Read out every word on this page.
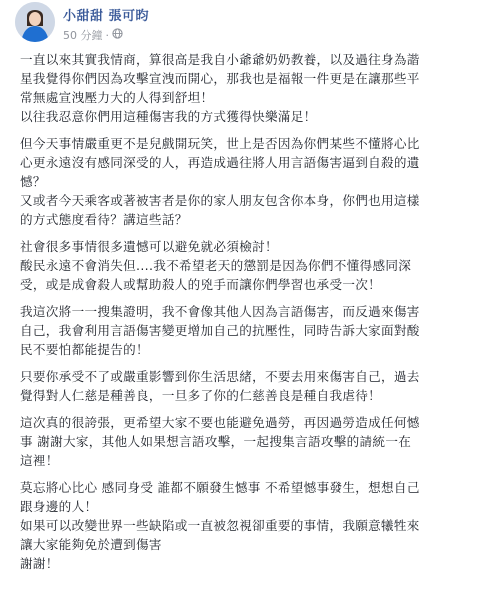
小甜甜 張可昀
50 分鐘 ·
一直以來其實我情商，算很高是我自小爺爺奶奶教養，以及過往身為諧
星我覺得你們因為攻擊宣洩而開心，那我也是福報一件更是在讓那些平
常無處宣洩壓力大的人得到舒坦！
以往我忍意你們用這種傷害我的方式獲得快樂滿足！
但今天事情嚴重更不是兒戲開玩笑，世上是否因為你們某些不懂將心比
心更永遠沒有感同深受的人，再造成過往將人用言語傷害逼到自殺的遺
憾？
又或者今天乘客或著被害者是你的家人朋友包含你本身，你們也用這樣
的方式態度看待？講這些話？
社會很多事情很多遺憾可以避免就必須檢討！
酸民永遠不會消失但....我不希望老天的懲罰是因為你們不懂得感同深
受，或是成會殺人或幫助殺人的兇手而讓你們學習也承受一次！
我這次將一一搜集證明，我不會像其他人因為言語傷害，而反過來傷害
自己，我會利用言語傷害變更增加自己的抗壓性，同時告訴大家面對酸
民不要怕都能提告的！
只要你承受不了或嚴重影響到你生活思緒，不要去用來傷害自己，過去
覺得對人仁慈是種善良，一旦多了你的仁慈善良是種自我虐待！
這次真的很誇張，更希望大家不要也能避免過勞，再因過勞造成任何憾
事 謝謝大家，其他人如果想言語攻擊，一起搜集言語攻擊的請統一在
這裡！
莫忘將心比心 感同身受 誰都不願發生憾事 不希望憾事發生，想想自己
跟身邊的人！
如果可以改變世界一些缺陷或一直被忽視卻重要的事情，我願意犧牲來
讓大家能夠免於遭到傷害
謝謝！
